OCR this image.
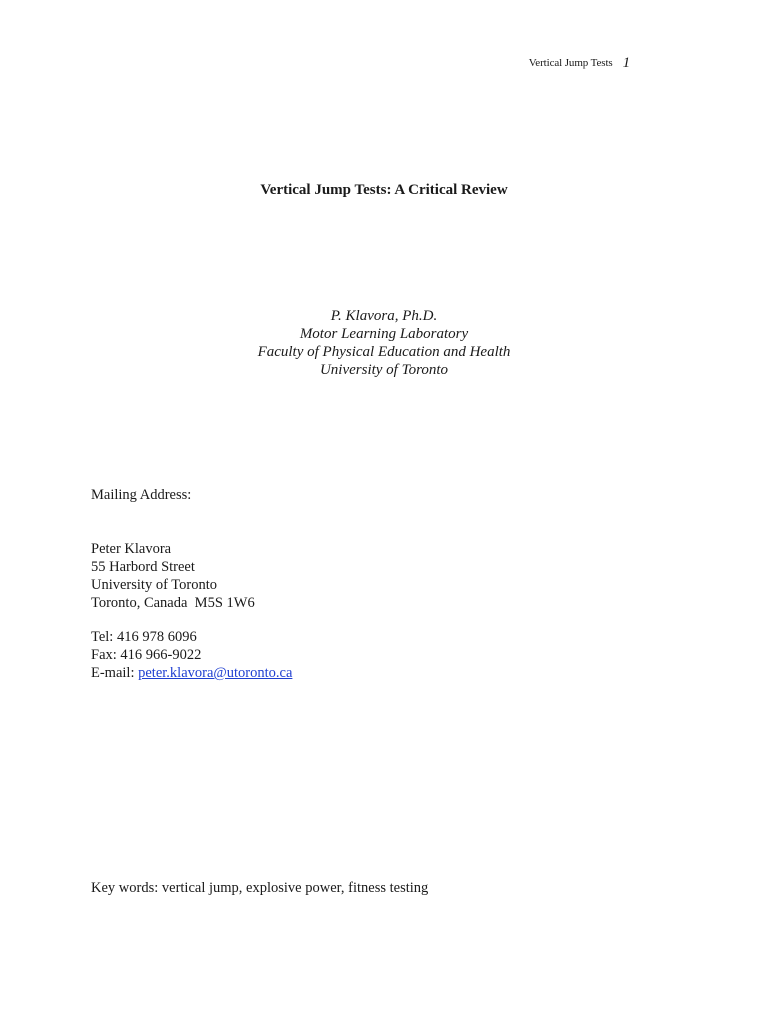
Vertical Jump Tests 1
Vertical Jump Tests: A Critical Review
P. Klavora, Ph.D.
Motor Learning Laboratory
Faculty of Physical Education and Health
University of Toronto
Mailing Address:
Peter Klavora
55 Harbord Street
University of Toronto
Toronto, Canada  M5S 1W6
Tel: 416 978 6096
Fax: 416 966-9022
E-mail: peter.klavora@utoronto.ca
Key words: vertical jump, explosive power, fitness testing
